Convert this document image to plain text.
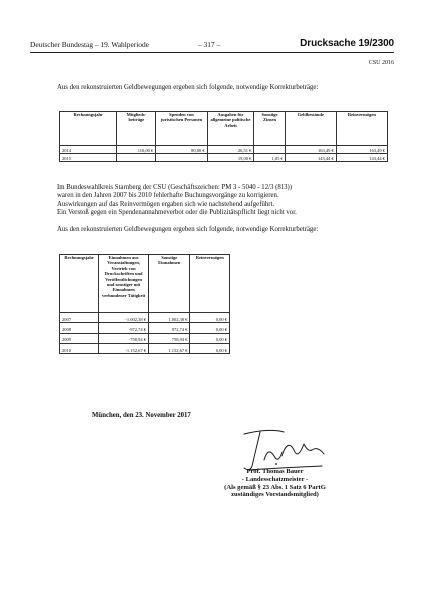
Deutscher Bundestag – 19. Wahlperiode	– 317 –	Drucksache 19/2300
CSU 2016

Aus den rekonstruierten Geldbewegungen ergeben sich folgende, notwendige Korrekturbeträge:

Rechnungsjahr	Mitglieds-beiträge	Spenden von juristischen Personen	Ausgaben für allgemeine politische Arbeit	Sonstige Zinsen	Geldbestände	Reinvermögen
2014	110,00 €	80,00 €	26,51 €		163,49 €	163,49 €
2015			19,00 €	1,05 €	143,44 €	143,44 €

Im Bundeswahlkreis Starnberg der CSU (Geschäftszeichen: PM 3 - 5040 - 12/3 (813))
waren in den Jahren 2007 bis 2010 fehlerhafte Buchungsvorgänge zu korrigieren.
Auswirkungen auf das Reinvermögen ergaben sich wie nachstehend aufgeführt.
Ein Verstoß gegen ein Spendenannahmeverbot oder die Publizitätspflicht liegt nicht vor.

Aus den rekonstruierten Geldbewegungen ergeben sich folgende, notwendige Korrekturbeträge:

Rechnungsjahr	Einnahmen aus Veranstaltungen, Vertrieb von Druckschriften und Veröffentlichungen und sonstiger mit Einnahmen verbundener Tätigkeit	Sonstige Einnahmen	Reinvermögen
2007	-1.002,38 €	1.002,38 €	0,00 €
2008	-972,74 €	972,74 €	0,00 €
2009	-758,94 €	758,94 €	0,00 €
2010	-1.152,67 €	1.152,67 €	0,00 €
München, den 23. November 2017
Prof. Thomas Bauer
- Landesschatzmeister -
(Als gemäß § 23 Abs. 1 Satz 6 PartG
zuständiges Vorstandsmitglied)
